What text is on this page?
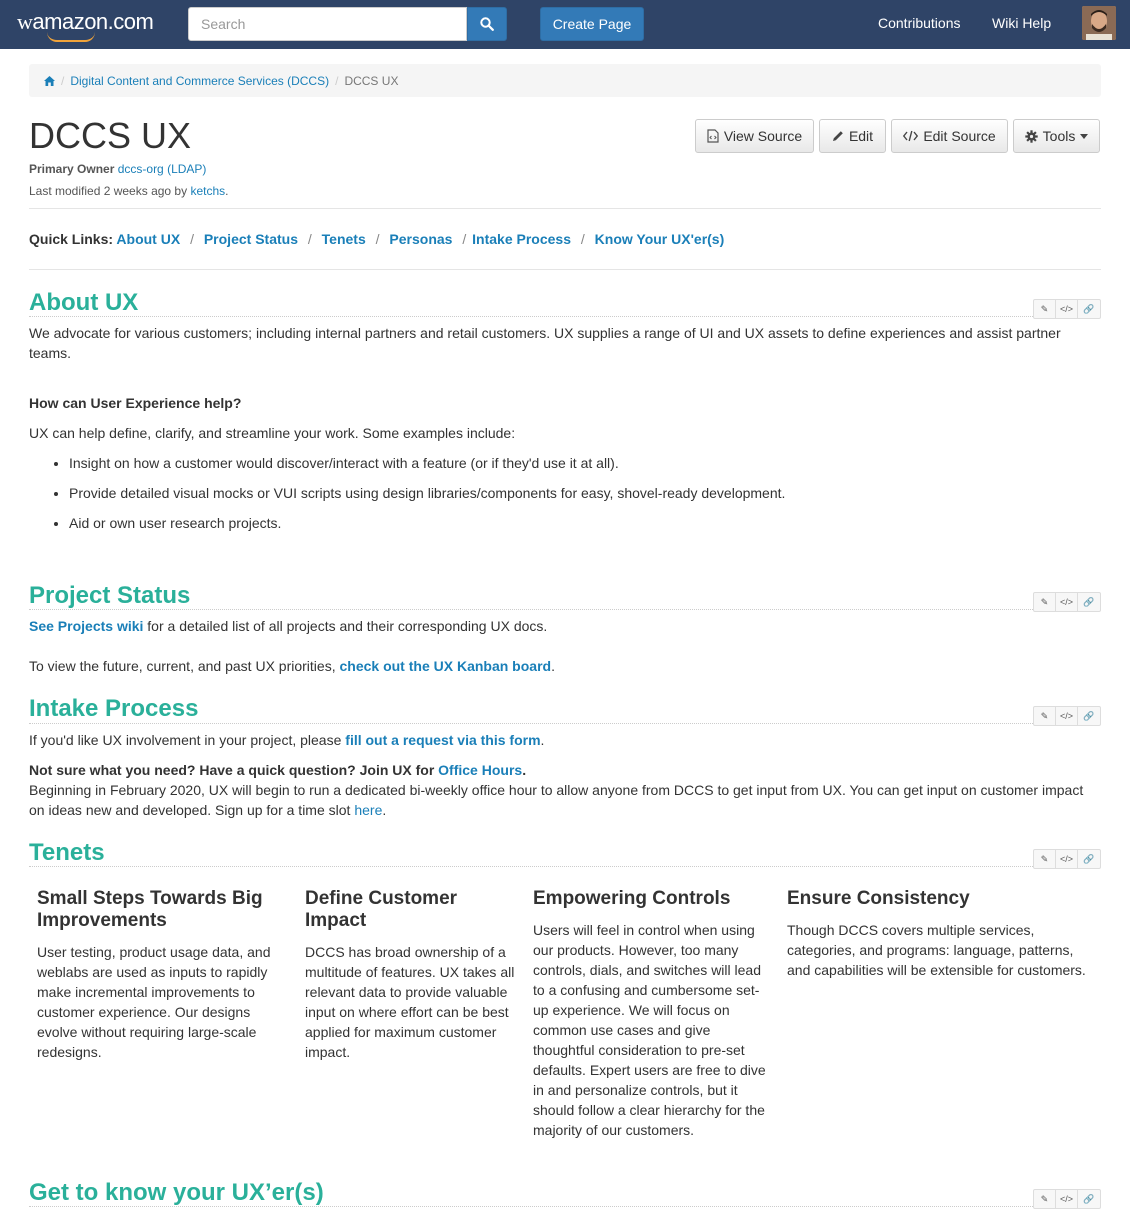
wamazon.com	Search	Create Page	Contributions Wiki Help
/ Digital Content and Commerce Services (DCCS) / DCCS UX
DCCS UX
Primary Owner dccs-org (LDAP)
Last modified 2 weeks ago by ketchs.
View Source	Edit	Edit Source	Tools
Quick Links: About UX / Project Status / Tenets / Personas / Intake Process / Know Your UX'er(s)
About UX	✎	</>	🔗

We advocate for various customers; including internal partners and retail customers. UX supplies a range of UI and UX assets to define experiences and assist partner teams.

How can User Experience help?

UX can help define, clarify, and streamline your work. Some examples include:

• Insight on how a customer would discover/interact with a feature (or if they'd use it at all).
• Provide detailed visual mocks or VUI scripts using design libraries/components for easy, shovel-ready development.
• Aid or own user research projects.
Project Status	✎	</>	🔗

See Projects wiki for a detailed list of all projects and their corresponding UX docs.

To view the future, current, and past UX priorities, check out the UX Kanban board.

Intake Process	✎	</>	🔗

If you'd like UX involvement in your project, please fill out a request via this form.

Not sure what you need? Have a quick question? Join UX for Office Hours.

Beginning in February 2020, UX will begin to run a dedicated bi-weekly office hour to allow anyone from DCCS to get input from UX. You can get input on customer impact on ideas new and developed. Sign up for a time slot here.

Tenets	✎	</>	🔗
Small Steps Towards Big Improvements

User testing, product usage data, and weblabs are used as inputs to rapidly make incremental improvements to customer experience. Our designs evolve without requiring large-scale redesigns.

Define Customer Impact

DCCS has broad ownership of a multitude of features. UX takes all relevant data to provide valuable input on where effort can be best applied for maximum customer impact.

Empowering Controls

Users will feel in control when using our products. However, too many controls, dials, and switches will lead to a confusing and cumbersome set-up experience. We will focus on common use cases and give thoughtful consideration to pre-set defaults. Expert users are free to dive in and personalize controls, but it should follow a clear hierarchy for the majority of our customers.

Ensure Consistency

Though DCCS covers multiple services, categories, and programs: language, patterns, and capabilities will be extensible for customers.

Get to know your UX’er(s)	✎	</>	🔗
